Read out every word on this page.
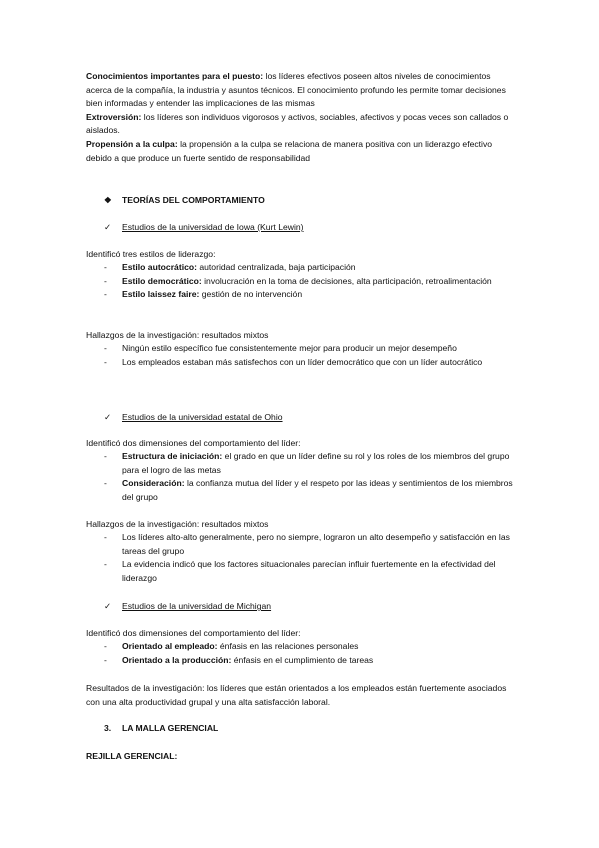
Conocimientos importantes para el puesto: los líderes efectivos poseen altos niveles de conocimientos acerca de la compañía, la industria y asuntos técnicos. El conocimiento profundo les permite tomar decisiones bien informadas y entender las implicaciones de las mismas
Extroversión: los líderes son individuos vigorosos y activos, sociables, afectivos y pocas veces son callados o aislados.
Propensión a la culpa: la propensión a la culpa se relaciona de manera positiva con un liderazgo efectivo debido a que produce un fuerte sentido de responsabilidad
❖ TEORÍAS DEL COMPORTAMIENTO
✓ Estudios de la universidad de Iowa (Kurt Lewin)
Identificó tres estilos de liderazgo:
- Estilo autocrático: autoridad centralizada, baja participación
- Estilo democrático: involucración en la toma de decisiones, alta participación, retroalimentación
- Estilo laissez faire: gestión de no intervención
Hallazgos de la investigación: resultados mixtos
- Ningún estilo específico fue consistentemente mejor para producir un mejor desempeño
- Los empleados estaban más satisfechos con un líder democrático que con un líder autocrático
✓ Estudios de la universidad estatal de Ohio
Identificó dos dimensiones del comportamiento del líder:
- Estructura de iniciación: el grado en que un líder define su rol y los roles de los miembros del grupo para el logro de las metas
- Consideración: la confianza mutua del líder y el respeto por las ideas y sentimientos de los miembros del grupo
Hallazgos de la investigación: resultados mixtos
- Los líderes alto-alto generalmente, pero no siempre, lograron un alto desempeño y satisfacción en las tareas del grupo
- La evidencia indicó que los factores situacionales parecían influir fuertemente en la efectividad del liderazgo
✓ Estudios de la universidad de Michigan
Identificó dos dimensiones del comportamiento del líder:
- Orientado al empleado: énfasis en las relaciones personales
- Orientado a la producción: énfasis en el cumplimiento de tareas
Resultados de la investigación: los líderes que están orientados a los empleados están fuertemente asociados con una alta productividad grupal y una alta satisfacción laboral.
3. LA MALLA GERENCIAL
REJILLA GERENCIAL:
